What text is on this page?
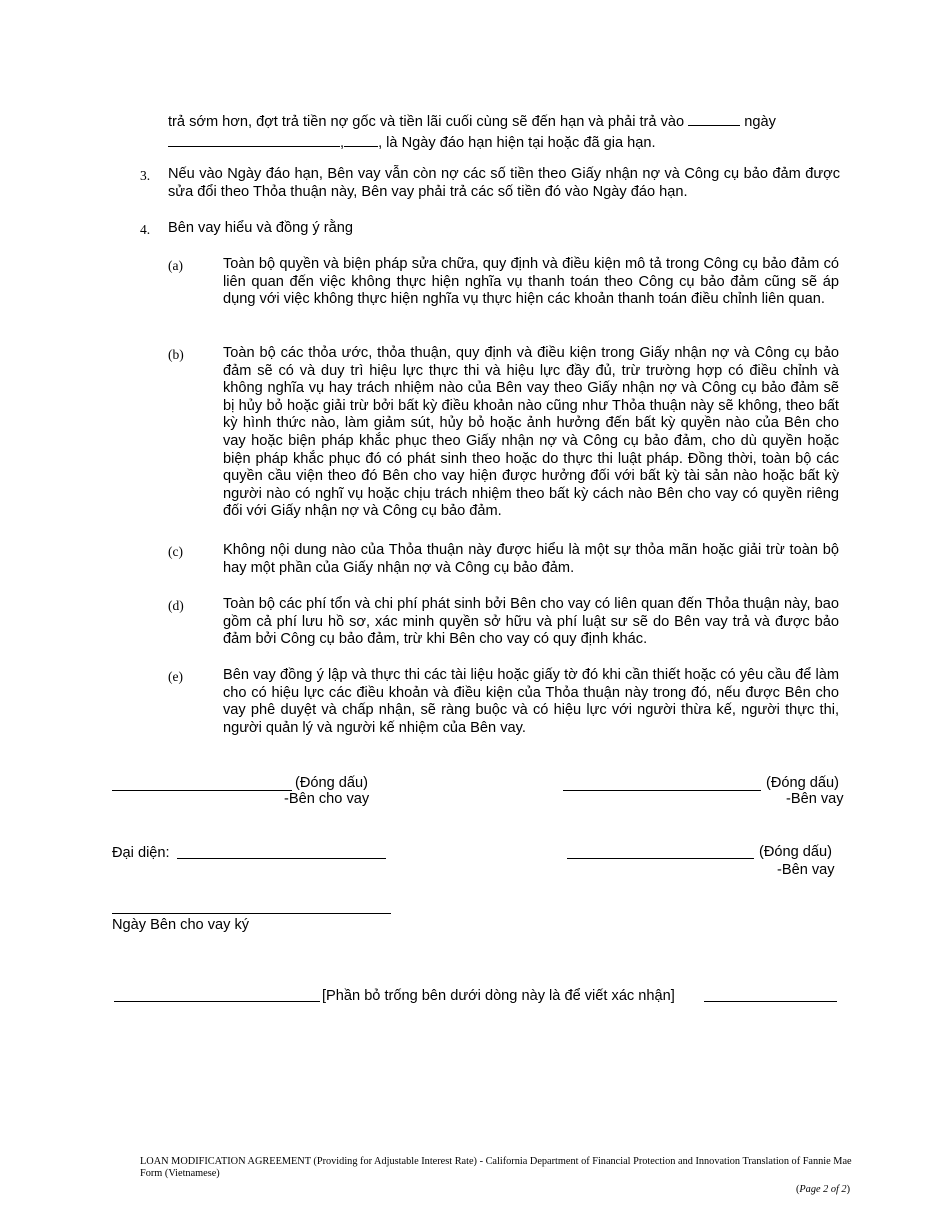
trả sớm hơn, đợt trả tiền nợ gốc và tiền lãi cuối cùng sẽ đến hạn và phải trả vào	ngày
, , là Ngày đáo hạn hiện tại hoặc đã gia hạn.
3. Nếu vào Ngày đáo hạn, Bên vay vẫn còn nợ các số tiền theo Giấy nhận nợ và Công cụ bảo đảm được sửa đổi theo Thỏa thuận này, Bên vay phải trả các số tiền đó vào Ngày đáo hạn.
4. Bên vay hiểu và đồng ý rằng
(a)	Toàn bộ quyền và biện pháp sửa chữa, quy định và điều kiện mô tả trong Công cụ bảo đảm có liên quan đến việc không thực hiện nghĩa vụ thanh toán theo Công cụ bảo đảm cũng sẽ áp dụng với việc không thực hiện nghĩa vụ thực hiện các khoản thanh toán điều chỉnh liên quan.
(b)	Toàn bộ các thỏa ước, thỏa thuận, quy định và điều kiện trong Giấy nhận nợ và Công cụ bảo đảm sẽ có và duy trì hiệu lực thực thi và hiệu lực đầy đủ, trừ trường hợp có điều chỉnh và không nghĩa vụ hay trách nhiệm nào của Bên vay theo Giấy nhận nợ và Công cụ bảo đảm sẽ bị hủy bỏ hoặc giải trừ bởi bất kỳ điều khoản nào cũng như Thỏa thuận này sẽ không, theo bất kỳ hình thức nào, làm giảm sút, hủy bỏ hoặc ảnh hưởng đến bất kỳ quyền nào của Bên cho vay hoặc biện pháp khắc phục theo Giấy nhận nợ và Công cụ bảo đảm, cho dù quyền hoặc biện pháp khắc phục đó có phát sinh theo hoặc do thực thi luật pháp. Đồng thời, toàn bộ các quyền cầu viện theo đó Bên cho vay hiện được hưởng đối với bất kỳ tài sản nào hoặc bất kỳ người nào có nghĩ vụ hoặc chịu trách nhiệm theo bất kỳ cách nào Bên cho vay có quyền riêng đối với Giấy nhận nợ và Công cụ bảo đảm.
(c)	Không nội dung nào của Thỏa thuận này được hiểu là một sự thỏa mãn hoặc giải trừ toàn bộ hay một phần của Giấy nhận nợ và Công cụ bảo đảm.
(d)	Toàn bộ các phí tổn và chi phí phát sinh bởi Bên cho vay có liên quan đến Thỏa thuận này, bao gồm cả phí lưu hồ sơ, xác minh quyền sở hữu và phí luật sư sẽ do Bên vay trả và được bảo đảm bởi Công cụ bảo đảm, trừ khi Bên cho vay có quy định khác.
(e)	Bên vay đồng ý lập và thực thi các tài liệu hoặc giấy tờ đó khi cần thiết hoặc có yêu cầu để làm cho có hiệu lực các điều khoản và điều kiện của Thỏa thuận này trong đó, nếu được Bên cho vay phê duyệt và chấp nhận, sẽ ràng buộc và có hiệu lực với người thừa kế, người thực thi, người quản lý và người kế nhiệm của Bên vay.
(Đóng dấu)
-Bên cho vay
(Đóng dấu)
-Bên vay
Đại diện:	(Đóng dấu)
-Bên vay
Ngày Bên cho vay ký
[Phần bỏ trống bên dưới dòng này là để viết xác nhận]
LOAN MODIFICATION AGREEMENT (Providing for Adjustable Interest Rate) - California Department of Financial Protection and Innovation Translation of Fannie Mae Form (Vietnamese)
(Page 2 of 2)
